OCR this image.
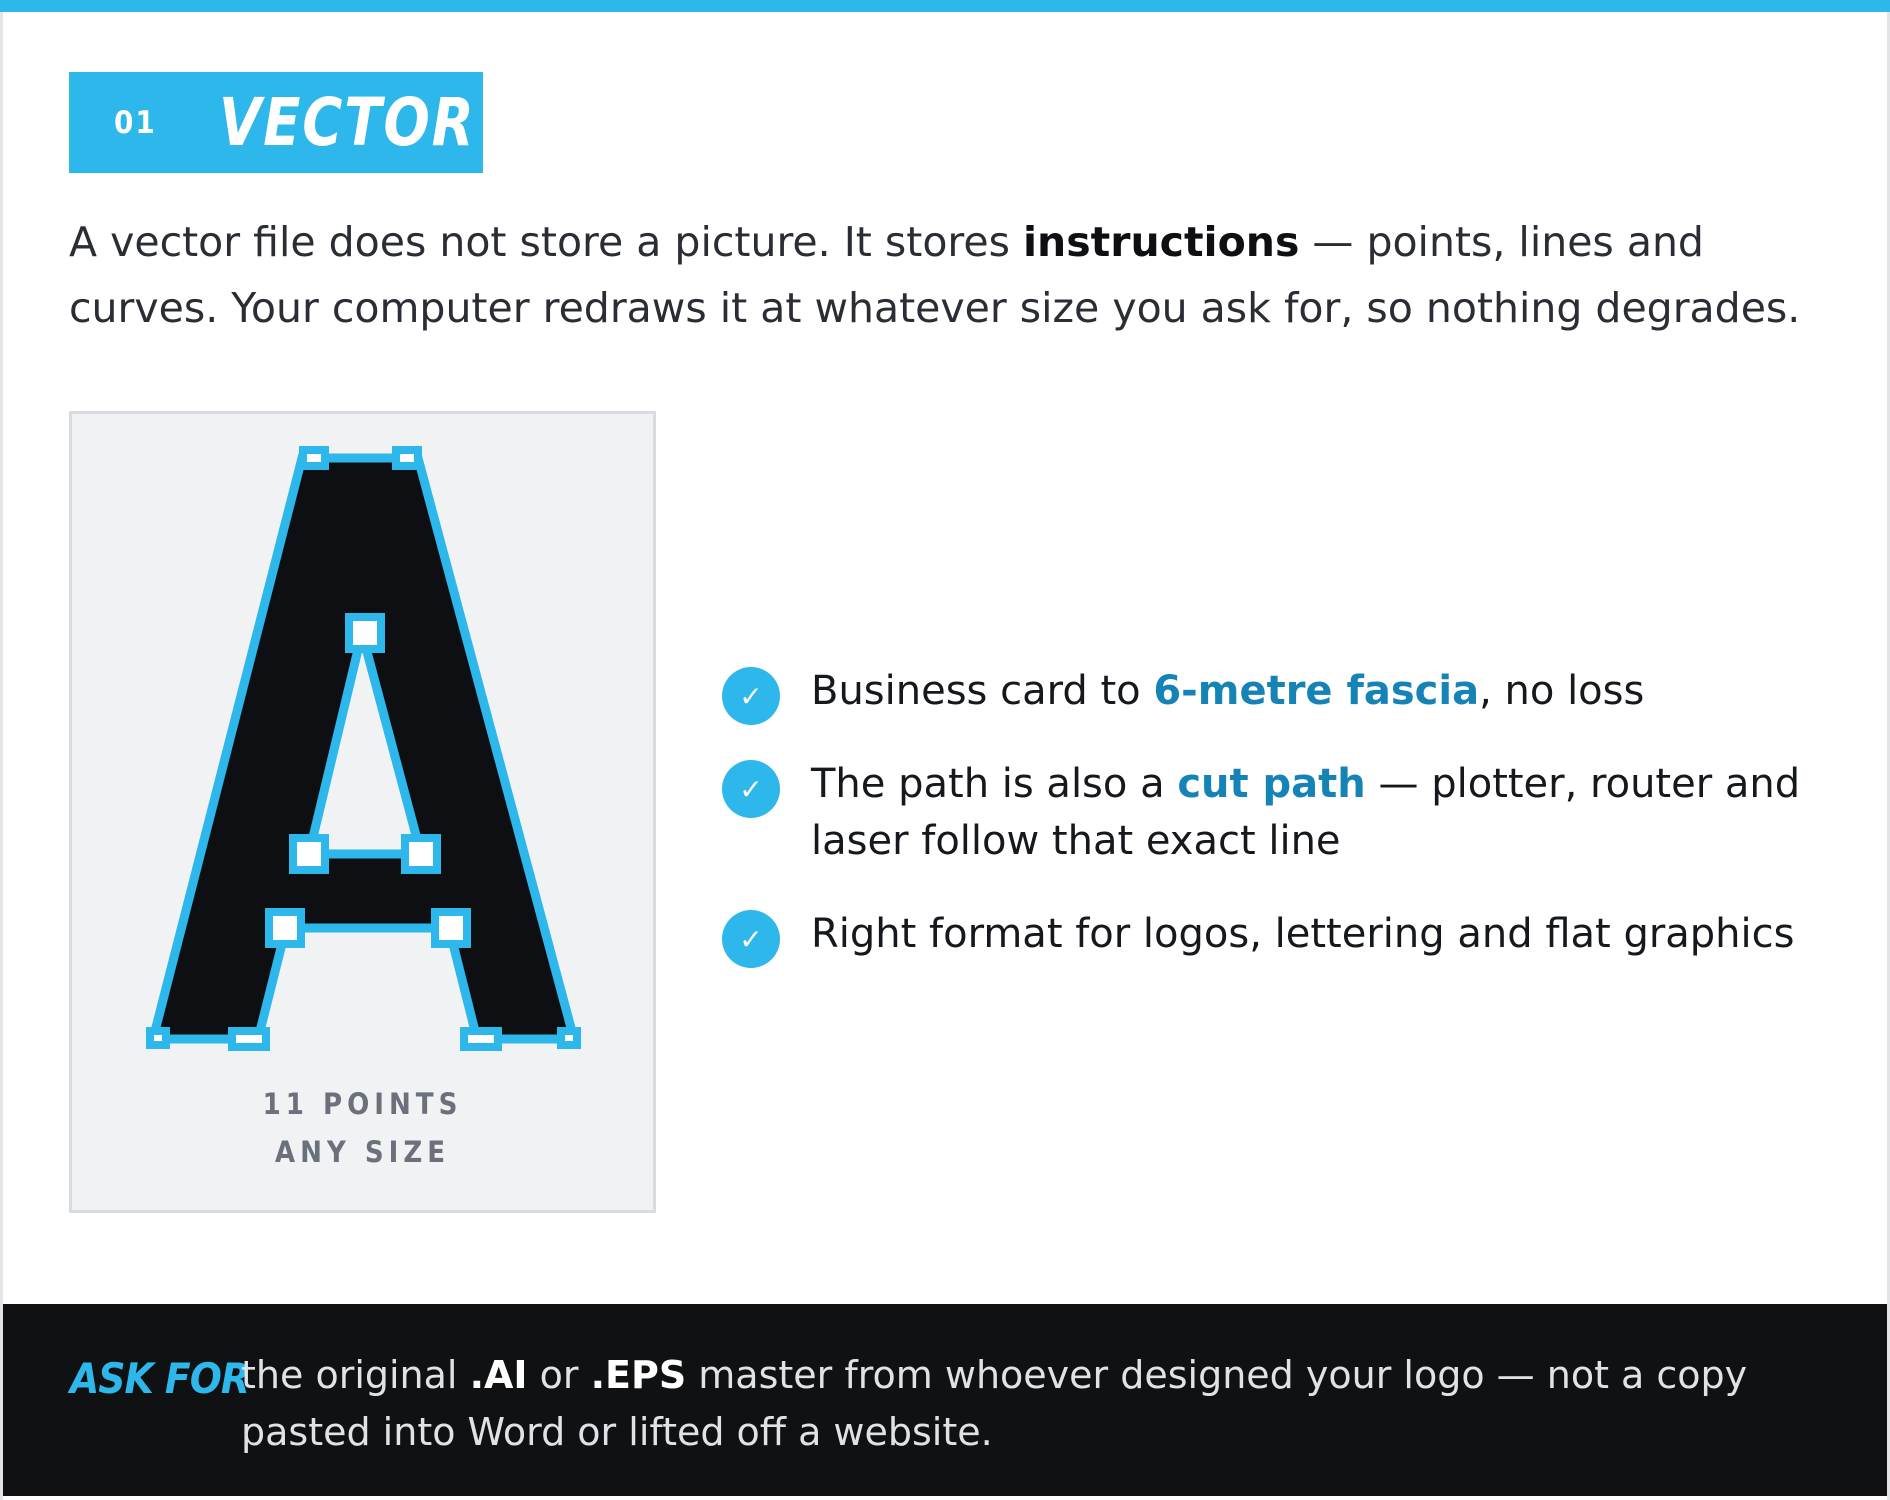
01 VECTOR

A vector file does not store a picture. It stores instructions — points, lines and curves. Your computer redraws it at whatever size you ask for, so nothing degrades.

11 POINTS
ANY SIZE
✓	Business card to 6-metre fascia, no loss

✓	The path is also a cut path — plotter, router and laser follow that exact line

✓	Right format for logos, lettering and flat graphics

ASK FOR

the original .AI or .EPS master from whoever designed your logo — not a copy pasted into Word or lifted off a website.
